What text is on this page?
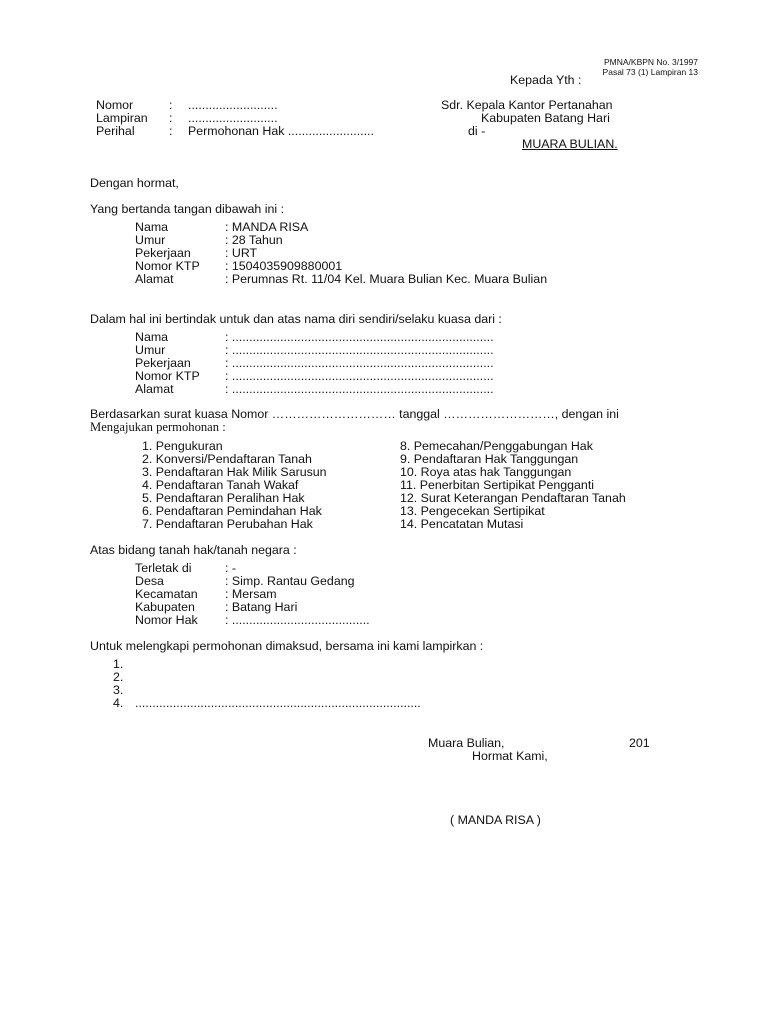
PMNA/KBPN No. 3/1997
Pasal 73 (1) Lampiran 13
Kepada Yth :
Sdr. Kepala Kantor Pertanahan
Kabupaten Batang Hari
di -
MUARA BULIAN.
Nomor	: ..........................
Lampiran : ..........................
Perihal	: Permohonan Hak .........................
Dengan hormat,
Yang bertanda tangan dibawah ini :
Nama	: MANDA RISA
Umur	: 28 Tahun
Pekerjaan	: URT
Nomor KTP : 1504035909880001
Alamat	: Perumnas Rt. 11/04 Kel. Muara Bulian Kec. Muara Bulian
Dalam hal ini bertindak untuk dan atas nama diri sendiri/selaku kuasa dari :
Nama	: ............................................................................
Umur	: ............................................................................
Pekerjaan	: ............................................................................
Nomor KTP : ............................................................................
Alamat	: ............................................................................
Berdasarkan surat kuasa Nomor ………………………… tanggal ………………………, dengan ini
Mengajukan permohonan :
1. Pengukuran
2. Konversi/Pendaftaran Tanah
3. Pendaftaran Hak Milik Sarusun
4. Pendaftaran Tanah Wakaf
5. Pendaftaran Peralihan Hak
6. Pendaftaran Pemindahan Hak
7. Pendaftaran Perubahan Hak
8. Pemecahan/Penggabungan Hak
9. Pendaftaran Hak Tanggungan
10. Roya atas hak Tanggungan
11. Penerbitan Sertipikat Pengganti
12. Surat Keterangan Pendaftaran Tanah
13. Pengecekan Sertipikat
14. Pencatatan Mutasi
Atas bidang tanah hak/tanah negara :
Terletak di	: -
Desa	: Simp. Rantau Gedang
Kecamatan : Mersam
Kabupaten : Batang Hari
Nomor Hak : ........................................
Untuk melengkapi permohonan dimaksud, bersama ini kami lampirkan :
1.
2.
3.
4. ...................................................................................
Muara Bulian,	201
Hormat Kami,
( MANDA RISA )
